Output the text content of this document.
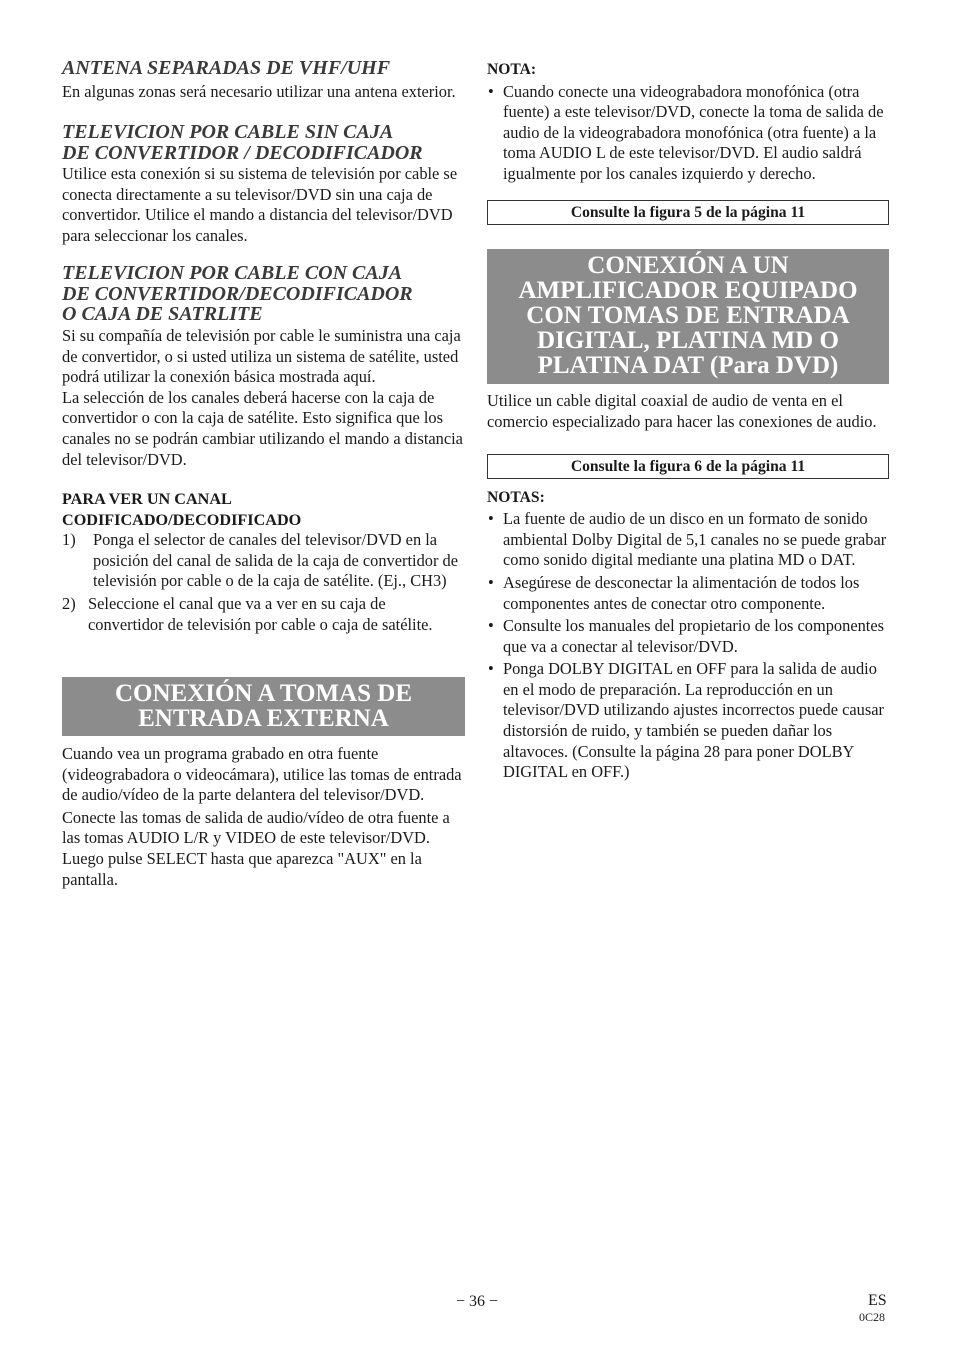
ANTENA SEPARADAS DE VHF/UHF

En algunas zonas será necesario utilizar una antena exterior.

TELEVICION POR CABLE SIN CAJA
DE CONVERTIDOR / DECODIFICADOR

Utilice esta conexión si su sistema de televisión por cable se conecta directamente a su televisor/DVD sin una caja de convertidor. Utilice el mando a distancia del televisor/DVD para seleccionar los canales.

TELEVICION POR CABLE CON CAJA
DE CONVERTIDOR/DECODIFICADOR
O CAJA DE SATRLITE

Si su compañía de televisión por cable le suministra una caja de convertidor, o si usted utiliza un sistema de satélite, usted podrá utilizar la conexión básica mostrada aquí.

La selección de los canales deberá hacerse con la caja de convertidor o con la caja de satélite. Esto significa que los canales no se podrán cambiar utilizando el mando a distancia del televisor/DVD.

PARA VER UN CANAL
CODIFICADO/DECODIFICADO
1) Ponga el selector de canales del televisor/DVD en la posición del canal de salida de la caja de convertidor de televisión por cable o de la caja de satélite. (Ej., CH3)
2) Seleccione el canal que va a ver en su caja de convertidor de televisión por cable o caja de satélite.
CONEXIÓN A TOMAS DE
ENTRADA EXTERNA

Cuando vea un programa grabado en otra fuente (videograbadora o videocámara), utilice las tomas de entrada de audio/vídeo de la parte delantera del televisor/DVD.

Conecte las tomas de salida de audio/vídeo de otra fuente a las tomas AUDIO L/R y VIDEO de este televisor/DVD. Luego pulse SELECT hasta que aparezca "AUX" en la pantalla.

NOTA:
• Cuando conecte una videograbadora monofónica (otra fuente) a este televisor/DVD, conecte la toma de salida de audio de la videograbadora monofónica (otra fuente) a la toma AUDIO L de este televisor/DVD. El audio saldrá igualmente por los canales izquierdo y derecho.
Consulte la figura 5 de la página 11
CONEXIÓN A UN
AMPLIFICADOR EQUIPADO
CON TOMAS DE ENTRADA
DIGITAL, PLATINA MD O
PLATINA DAT (Para DVD)

Utilice un cable digital coaxial de audio de venta en el comercio especializado para hacer las conexiones de audio.

Consulte la figura 6 de la página 11
NOTAS:
• La fuente de audio de un disco en un formato de sonido ambiental Dolby Digital de 5,1 canales no se puede grabar como sonido digital mediante una platina MD o DAT.
• Asegúrese de desconectar la alimentación de todos los componentes antes de conectar otro componente.
• Consulte los manuales del propietario de los componentes que va a conectar al televisor/DVD.
• Ponga DOLBY DIGITAL en OFF para la salida de audio en el modo de preparación. La reproducción en un televisor/DVD utilizando ajustes incorrectos puede causar distorsión de ruido, y también se pueden dañar los altavoces. (Consulte la página 28 para poner DOLBY DIGITAL en OFF.)
− 36 −	ES
0C28
